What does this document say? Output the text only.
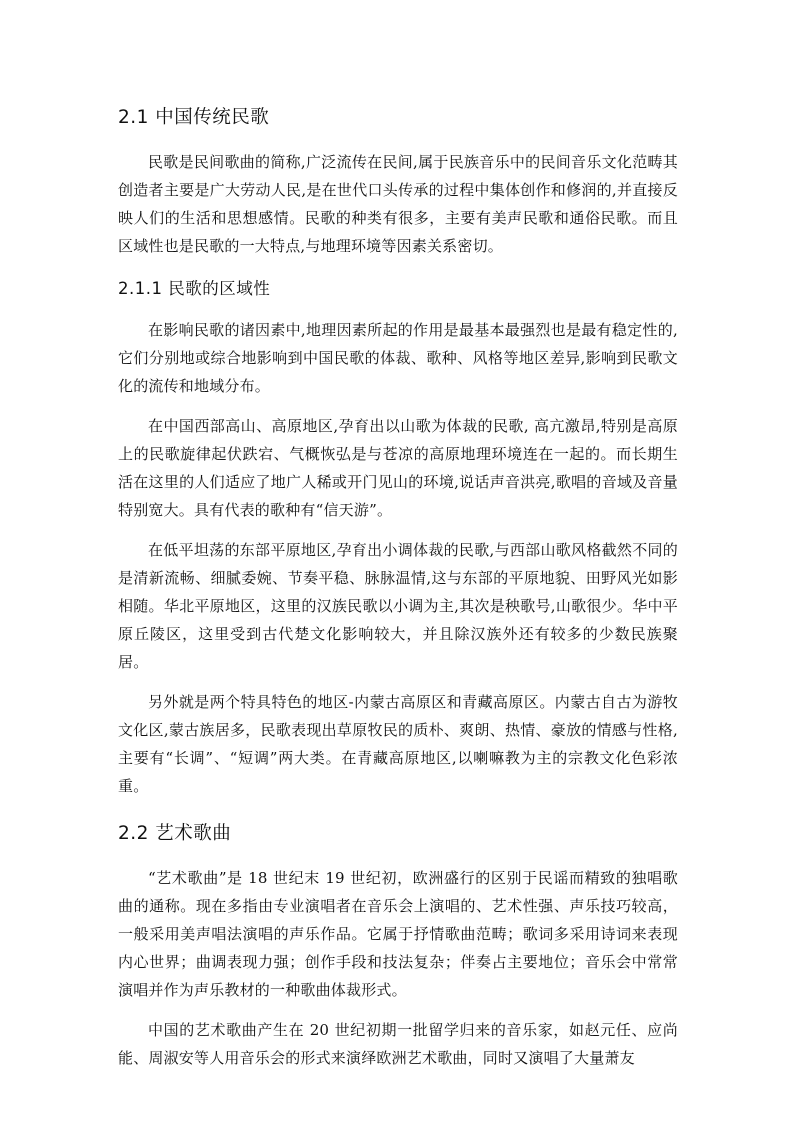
2.1 中国传统民歌

民歌是民间歌曲的简称,广泛流传在民间,属于民族音乐中的民间音乐文化范畴其创造者主要是广大劳动人民,是在世代口头传承的过程中集体创作和修润的,并直接反映人们的生活和思想感情。民歌的种类有很多，主要有美声民歌和通俗民歌。而且区域性也是民歌的一大特点,与地理环境等因素关系密切。

2.1.1 民歌的区域性

在影响民歌的诸因素中,地理因素所起的作用是最基本最强烈也是最有稳定性的,它们分别地或综合地影响到中国民歌的体裁、歌种、风格等地区差异,影响到民歌文化的流传和地域分布。

在中国西部高山、高原地区,孕育出以山歌为体裁的民歌, 高亢激昂,特别是高原上的民歌旋律起伏跌宕、气概恢弘是与苍凉的高原地理环境连在一起的。而长期生活在这里的人们适应了地广人稀或开门见山的环境,说话声音洪亮,歌唱的音域及音量特别宽大。具有代表的歌种有“信天游”。

在低平坦荡的东部平原地区,孕育出小调体裁的民歌,与西部山歌风格截然不同的是清新流畅、细腻委婉、节奏平稳、脉脉温情,这与东部的平原地貌、田野风光如影相随。华北平原地区，这里的汉族民歌以小调为主,其次是秧歌号,山歌很少。华中平原丘陵区，这里受到古代楚文化影响较大，并且除汉族外还有较多的少数民族聚居。

另外就是两个特具特色的地区-内蒙古高原区和青藏高原区。内蒙古自古为游牧文化区,蒙古族居多，民歌表现出草原牧民的质朴、爽朗、热情、豪放的情感与性格,主要有“长调”、“短调”两大类。在青藏高原地区,以喇嘛教为主的宗教文化色彩浓重。

2.2 艺术歌曲

“艺术歌曲”是 18 世纪末 19 世纪初，欧洲盛行的区别于民谣而精致的独唱歌曲的通称。现在多指由专业演唱者在音乐会上演唱的、艺术性强、声乐技巧较高，一般采用美声唱法演唱的声乐作品。它属于抒情歌曲范畴；歌词多采用诗词来表现内心世界；曲调表现力强；创作手段和技法复杂；伴奏占主要地位；音乐会中常常演唱并作为声乐教材的一种歌曲体裁形式。

中国的艺术歌曲产生在 20 世纪初期一批留学归来的音乐家，如赵元任、应尚能、周淑安等人用音乐会的形式来演绎欧洲艺术歌曲，同时又演唱了大量萧友
